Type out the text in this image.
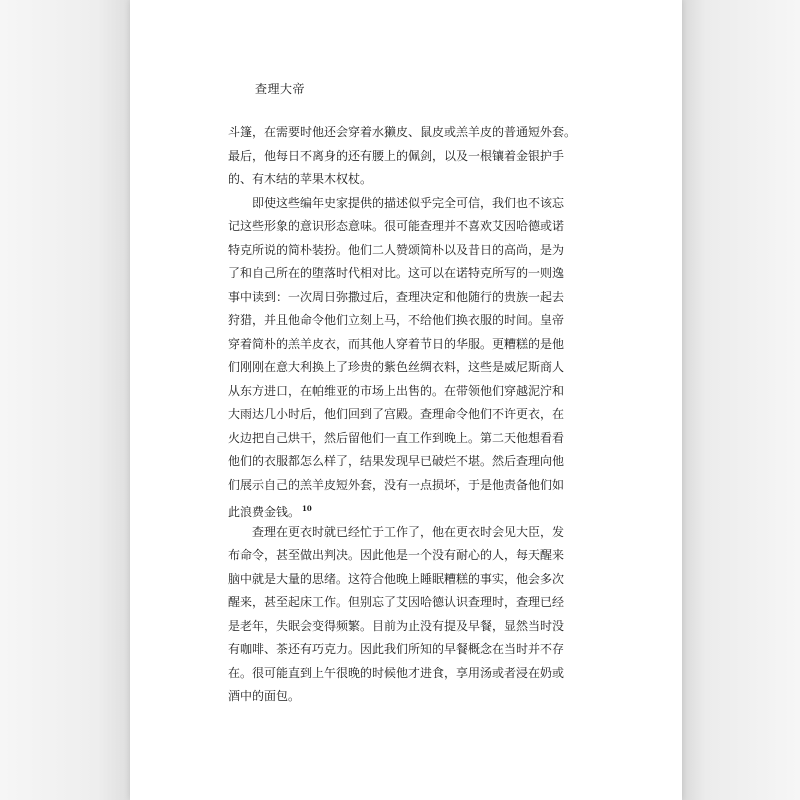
查理大帝
斗篷，在需要时他还会穿着水獭皮、鼠皮或羔羊皮的普通短外套。
最后，他每日不离身的还有腰上的佩剑，以及一根镶着金银护手
的、有木结的苹果木权杖。
即使这些编年史家提供的描述似乎完全可信，我们也不该忘
记这些形象的意识形态意味。很可能查理并不喜欢艾因哈德或诺
特克所说的简朴装扮。他们二人赞颂简朴以及昔日的高尚，是为
了和自己所在的堕落时代相对比。这可以在诺特克所写的一则逸
事中读到：一次周日弥撒过后，查理决定和他随行的贵族一起去
狩猎，并且他命令他们立刻上马，不给他们换衣服的时间。皇帝
穿着简朴的羔羊皮衣，而其他人穿着节日的华服。更糟糕的是他
们刚刚在意大利换上了珍贵的紫色丝绸衣料，这些是威尼斯商人
从东方进口，在帕维亚的市场上出售的。在带领他们穿越泥泞和
大雨达几小时后，他们回到了宫殿。查理命令他们不许更衣，在
火边把自己烘干，然后留他们一直工作到晚上。第二天他想看看
他们的衣服都怎么样了，结果发现早已破烂不堪。然后查理向他
们展示自己的羔羊皮短外套，没有一点损坏，于是他责备他们如
此浪费金钱。 $^{10}$
查理在更衣时就已经忙于工作了，他在更衣时会见大臣，发
布命令，甚至做出判决。因此他是一个没有耐心的人，每天醒来
脑中就是大量的思绪。这符合他晚上睡眠糟糕的事实，他会多次
醒来，甚至起床工作。但别忘了艾因哈德认识查理时，查理已经
是老年，失眠会变得频繁。目前为止没有提及早餐，显然当时没
有咖啡、茶还有巧克力。因此我们所知的早餐概念在当时并不存
在。很可能直到上午很晚的时候他才进食，享用汤或者浸在奶或
酒中的面包。
